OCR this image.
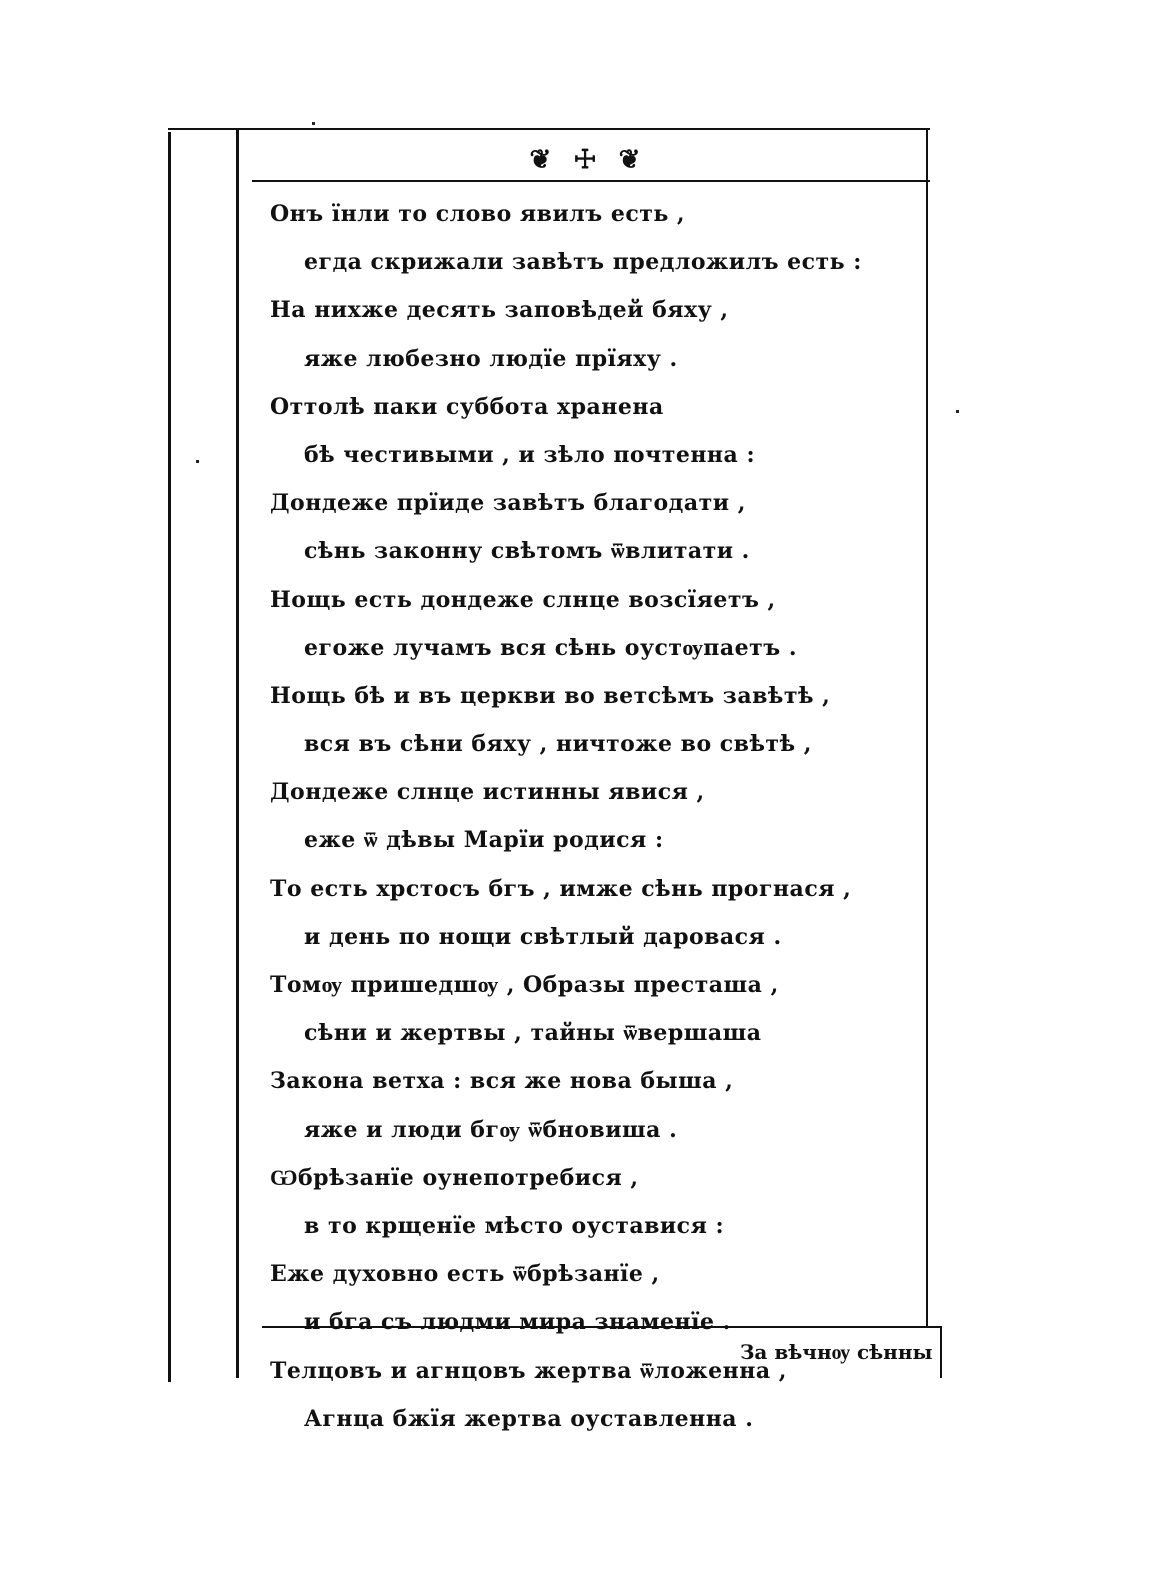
❦ ☩ ❦
Онъ їнли то слово явилъ есть ,
егда скрижали завѣтъ предложилъ есть :
На нихже десять заповѣдей бяху ,
яже любезно людїе прїяху .
Оттолѣ паки суббота хранена
бѣ честивыми , и зѣло почтенна :
Дондеже прїиде завѣтъ благодати ,
сѣнь законну свѣтомъ ѿвлитати .
Нощь есть дондеже слнце возсїяетъ ,
егоже лучамъ вся сѣнь оустѹпаетъ .
Нощь бѣ и въ церкви во ветсѣмъ завѣтѣ ,
вся въ сѣни бяху , ничтоже во свѣтѣ ,
Дондеже слнце истинны явися ,
еже ѿ дѣвы Марїи родися :
То есть хрстосъ бгъ , имже сѣнь прогнася ,
и день по нощи свѣтлый даровася .
Томѹ пришедшѹ , Образы престаша ,
сѣни и жертвы , тайны ѿвершаша
Закона ветха : вся же нова быша ,
яже и люди бгѹ ѿбновиша .
Ѡбрѣзанїе оунепотребися ,
в то крщенїе мѣсто оуставися :
Еже духовно есть ѿбрѣзанїе ,
и бга съ людми мира знаменїе .
Телцовъ и агнцовъ жертва ѿложенна ,
Агнца бжїя жертва оуставленна .
За вѣчнѹ сѣнны
